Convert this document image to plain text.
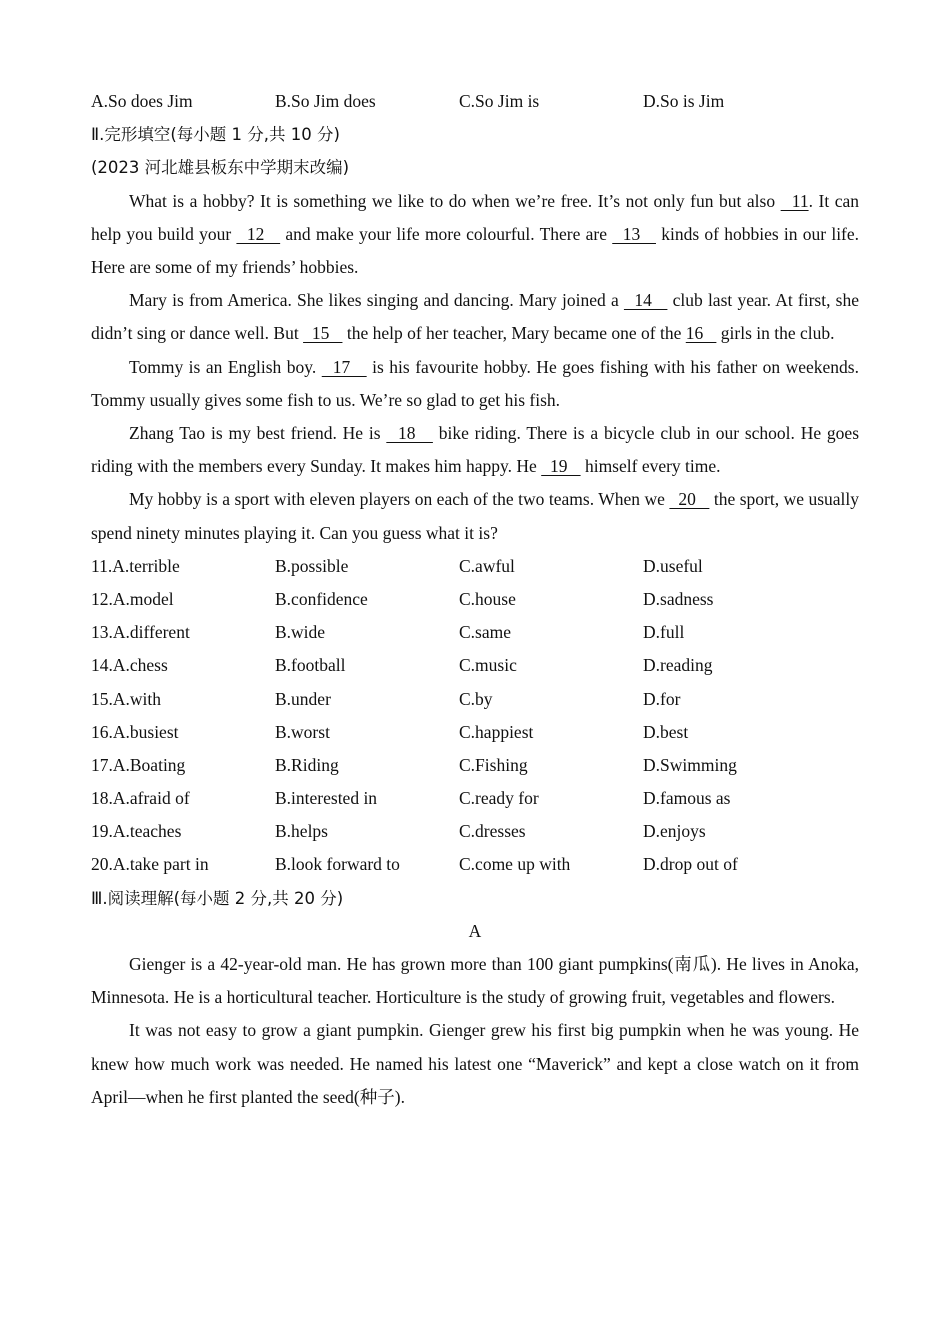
A.So does Jim	B.So Jim does	C.So Jim is	D.So is Jim
Ⅱ.完形填空(每小题 1 分,共 10 分)
(2023 河北雄县板东中学期末改编)

What is a hobby? It is something we like to do when we’re free. It’s not only fun but also   11. It can help you build your   12    and make your life more colourful. There are   13    kinds of hobbies in our life. Here are some of my friends’ hobbies.

Mary is from America. She likes singing and dancing. Mary joined a   14    club last year. At first, she didn’t sing or dance well. But   15    the help of her teacher, Mary became one of the 16    girls in the club.

Tommy is an English boy.   17    is his favourite hobby. He goes fishing with his father on weekends. Tommy usually gives some fish to us. We’re so glad to get his fish.

Zhang Tao is my best friend. He is   18    bike riding. There is a bicycle club in our school. He goes riding with the members every Sunday. It makes him happy. He   19    himself every time.

My hobby is a sport with eleven players on each of the two teams. When we   20    the sport, we usually spend ninety minutes playing it. Can you guess what it is?

11.A.terrible	B.possible	C.awful	D.useful
12.A.model	B.confidence	C.house	D.sadness
13.A.different	B.wide	C.same	D.full
14.A.chess	B.football	C.music	D.reading
15.A.with	B.under	C.by	D.for
16.A.busiest	B.worst	C.happiest	D.best
17.A.Boating	B.Riding	C.Fishing	D.Swimming
18.A.afraid of	B.interested in	C.ready for	D.famous as
19.A.teaches	B.helps	C.dresses	D.enjoys
20.A.take part in	B.look forward to	C.come up with	D.drop out of
Ⅲ.阅读理解(每小题 2 分,共 20 分)
A

Gienger is a 42-year-old man. He has grown more than 100 giant pumpkins(南瓜). He lives in Anoka, Minnesota. He is a horticultural teacher. Horticulture is the study of growing fruit, vegetables and flowers.

It was not easy to grow a giant pumpkin. Gienger grew his first big pumpkin when he was young. He knew how much work was needed. He named his latest one “Maverick” and kept a close watch on it from April—when he first planted the seed(种子).
